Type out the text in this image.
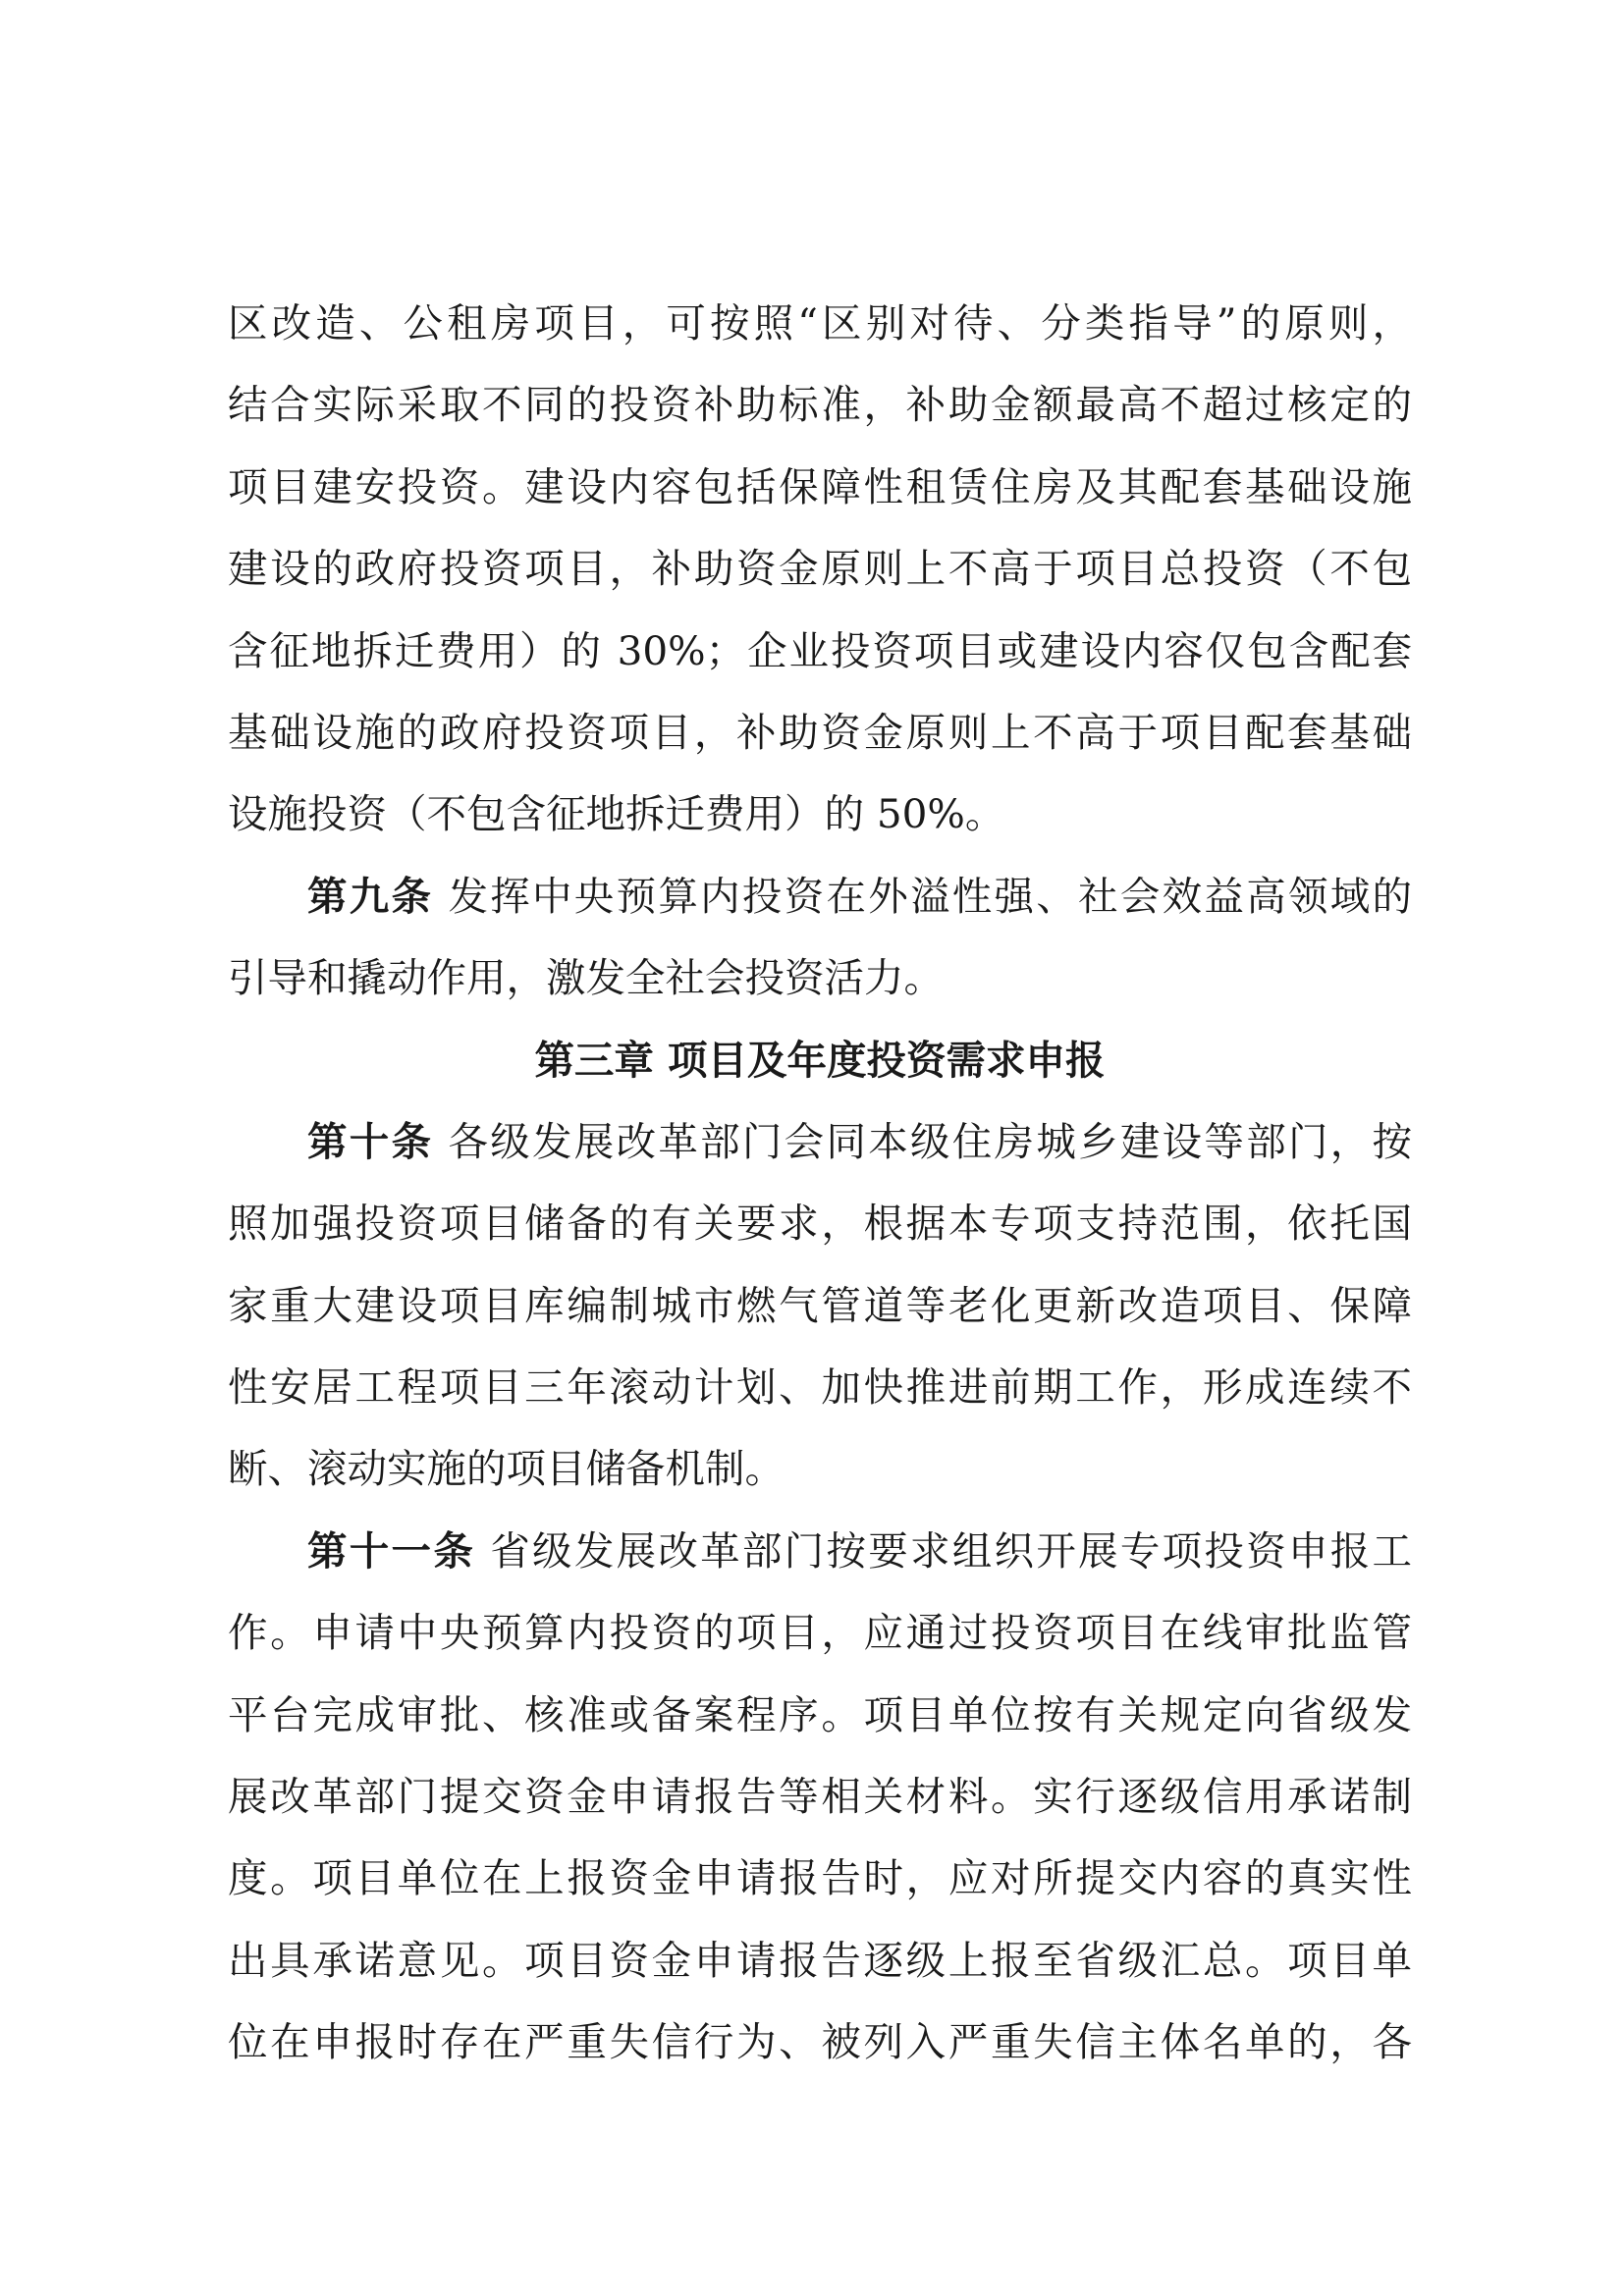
区改造、公租房项目，可按照“区别对待、分类指导”的原则，
结合实际采取不同的投资补助标准，补助金额最高不超过核定的
项目建安投资。建设内容包括保障性租赁住房及其配套基础设施
建设的政府投资项目，补助资金原则上不高于项目总投资（不包
含征地拆迁费用）的 30%；企业投资项目或建设内容仅包含配套
基础设施的政府投资项目，补助资金原则上不高于项目配套基础
设施投资（不包含征地拆迁费用）的 50%。
第九条 发挥中央预算内投资在外溢性强、社会效益高领域的
引导和撬动作用，激发全社会投资活力。
第三章 项目及年度投资需求申报
第十条 各级发展改革部门会同本级住房城乡建设等部门，按
照加强投资项目储备的有关要求，根据本专项支持范围，依托国
家重大建设项目库编制城市燃气管道等老化更新改造项目、保障
性安居工程项目三年滚动计划、加快推进前期工作，形成连续不
断、滚动实施的项目储备机制。
第十一条 省级发展改革部门按要求组织开展专项投资申报工
作。申请中央预算内投资的项目，应通过投资项目在线审批监管
平台完成审批、核准或备案程序。项目单位按有关规定向省级发
展改革部门提交资金申请报告等相关材料。实行逐级信用承诺制
度。项目单位在上报资金申请报告时，应对所提交内容的真实性
出具承诺意见。项目资金申请报告逐级上报至省级汇总。项目单
位在申报时存在严重失信行为、被列入严重失信主体名单的，各
